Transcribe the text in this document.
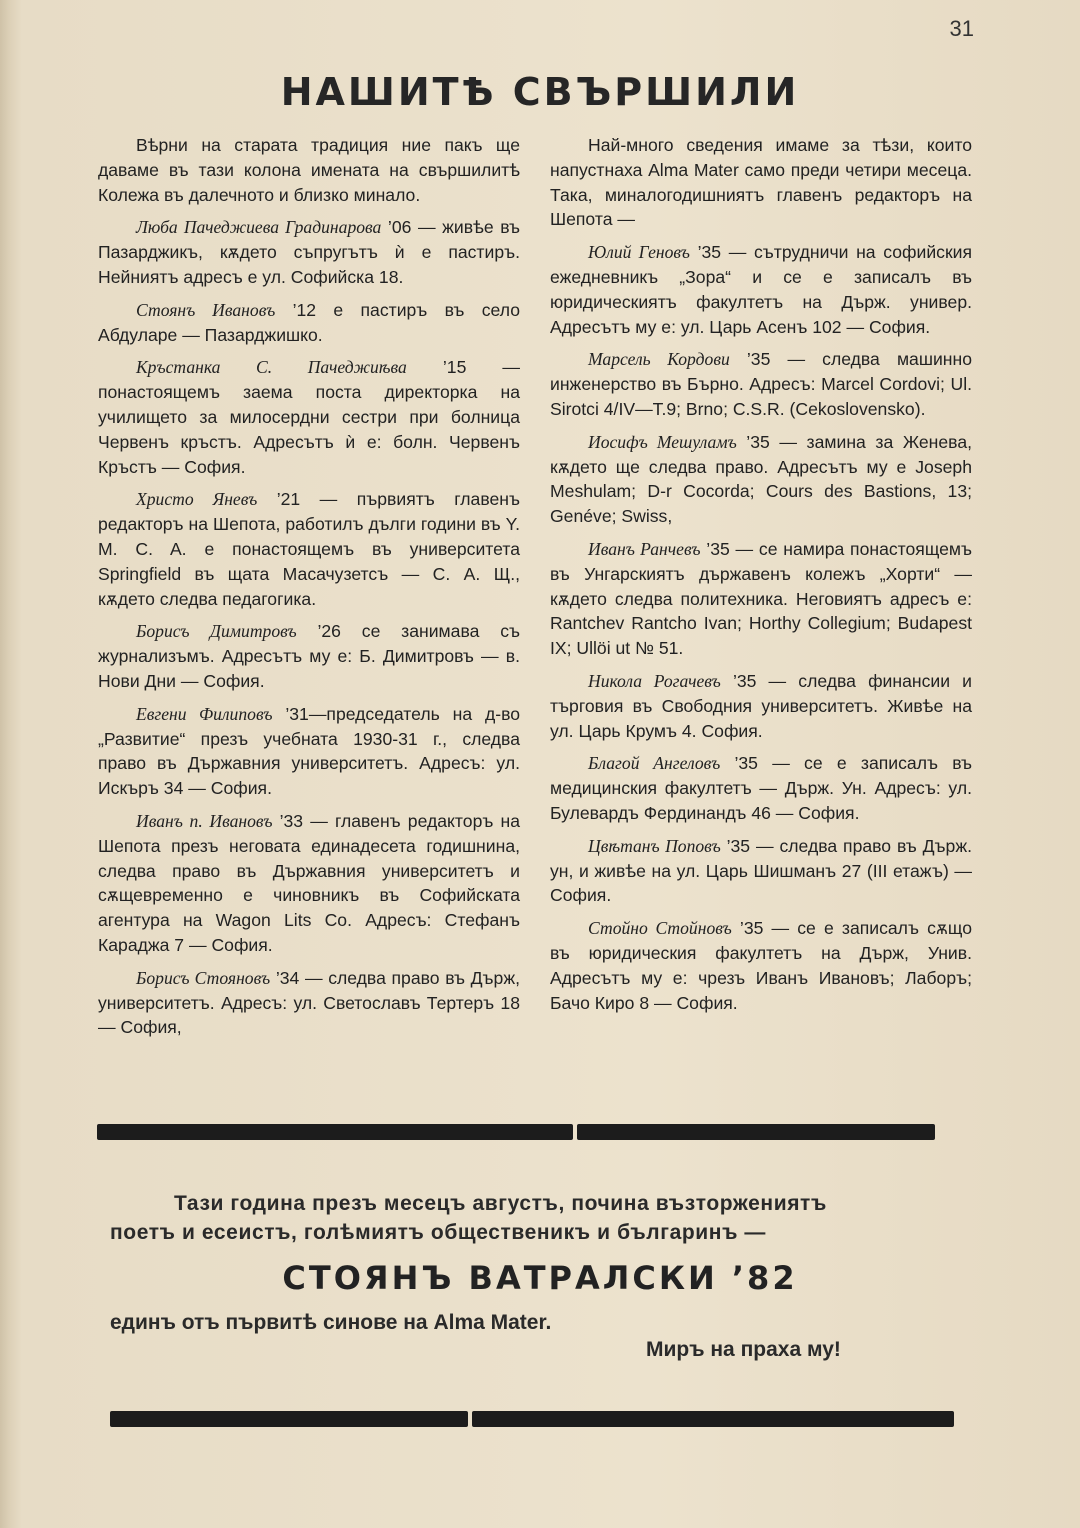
31
НАШИТѢ СВЪРШИЛИ

Вѣрни на старата традиция ние пакъ ще даваме въ тази колона имената на свършилитѣ Колежа въ далечното и близко минало.

Люба Пачеджиева Градинарова ’06 — живѣе въ Пазарджикъ, кѫдето съпругътъ ѝ е пастиръ. Нейниятъ адресъ е ул. Софийска 18.

Стоянъ Ивановъ ’12 е пастиръ въ село Абдуларе — Пазарджишко.

Кръстанка С. Пачеджиѣва ’15 — понастоящемъ заема поста директорка на училището за милосердни сестри при болница Червенъ кръстъ. Адресътъ ѝ е: болн. Червенъ Кръстъ — София.

Христо Яневъ ’21 — първиятъ главенъ редакторъ на Шепота, работилъ дълги години въ Y. M. C. A. е понастоящемъ въ университета Springfield въ щата Масачузетсъ — С. А. Щ., кѫдето следва педагогика.

Борисъ Димитровъ ’26 се занимава съ журнализъмъ. Адресътъ му е: Б. Димитровъ — в. Нови Дни — София.

Евгени Филиповъ ’31—председатель на д-во „Развитие“ презъ учебната 1930-31 г., следва право въ Държавния университетъ. Адресъ: ул. Искъръ 34 — София.

Иванъ п. Ивановъ ’33 — главенъ редакторъ на Шепота презъ неговата единадесета годишнина, следва право въ Държавния университетъ и сѫщевременно е чиновникъ въ Софийската агентура на Wagon Lits Co. Адресъ: Стефанъ Караджа 7 — София.

Борисъ Стояновъ ’34 — следва право въ Държ, университетъ. Адресъ: ул. Светославъ Тертеръ 18 — София,

Най-много сведения имаме за тѣзи, които напустнаха Alma Mater само преди четири месеца. Така, миналогодишниятъ главенъ редакторъ на Шепота —

Юлий Геновъ ’35 — сътрудничи на софийския ежедневникъ „Зора“ и се е записалъ въ юридическиятъ факултетъ на Държ. универ. Адресътъ му е: ул. Царь Асенъ 102 — София.

Марсель Кордови ’35 — следва машинно инженерство въ Бърно. Адресъ: Marcel Cordovi; Ul. Sirotci 4/IV—T.9; Brno; C.S.R. (Cekoslovensko).

Иосифъ Мешуламъ ’35 — замина за Женева, кѫдето ще следва право. Адресътъ му е Joseph Meshulam; D-r Cocorda; Cours des Bastions, 13; Genéve; Swiss,

Иванъ Ранчевъ ’35 — се намира понастоящемъ въ Унгарскиятъ държавенъ колежъ „Хорти“ — кѫдето следва политехника. Неговиятъ адресъ е: Rantchev Rantcho Ivan; Horthy Collegium; Budapest IX; Ullöi ut № 51.

Никола Рогачевъ ’35 — следва финансии и търговия въ Свободния университетъ. Живѣе на ул. Царь Крумъ 4. София.

Благой Ангеловъ ’35 — се е записалъ въ медицинския факултетъ — Държ. Ун. Адресъ: ул. Булевардъ Фердинандъ 46 — София.

Цвѣтанъ Поповъ ’35 — следва право въ Държ. ун, и живѣе на ул. Царь Шишманъ 27 (III етажъ) — София.

Стойно Стойновъ ’35 — се е записалъ сѫщо въ юридическия факултетъ на Държ, Унив. Адресътъ му е: чрезъ Иванъ Ивановъ; Лаборъ; Бачо Киро 8 — София.

Тази година презъ месецъ августъ, почина възторжениятъ
поетъ и есеистъ, голѣмиятъ общественикъ и българинъ —
СТОЯНЪ ВАТРАЛСКИ ’82
единъ отъ първитѣ синове на Alma Mater.
Миръ на праха му!
